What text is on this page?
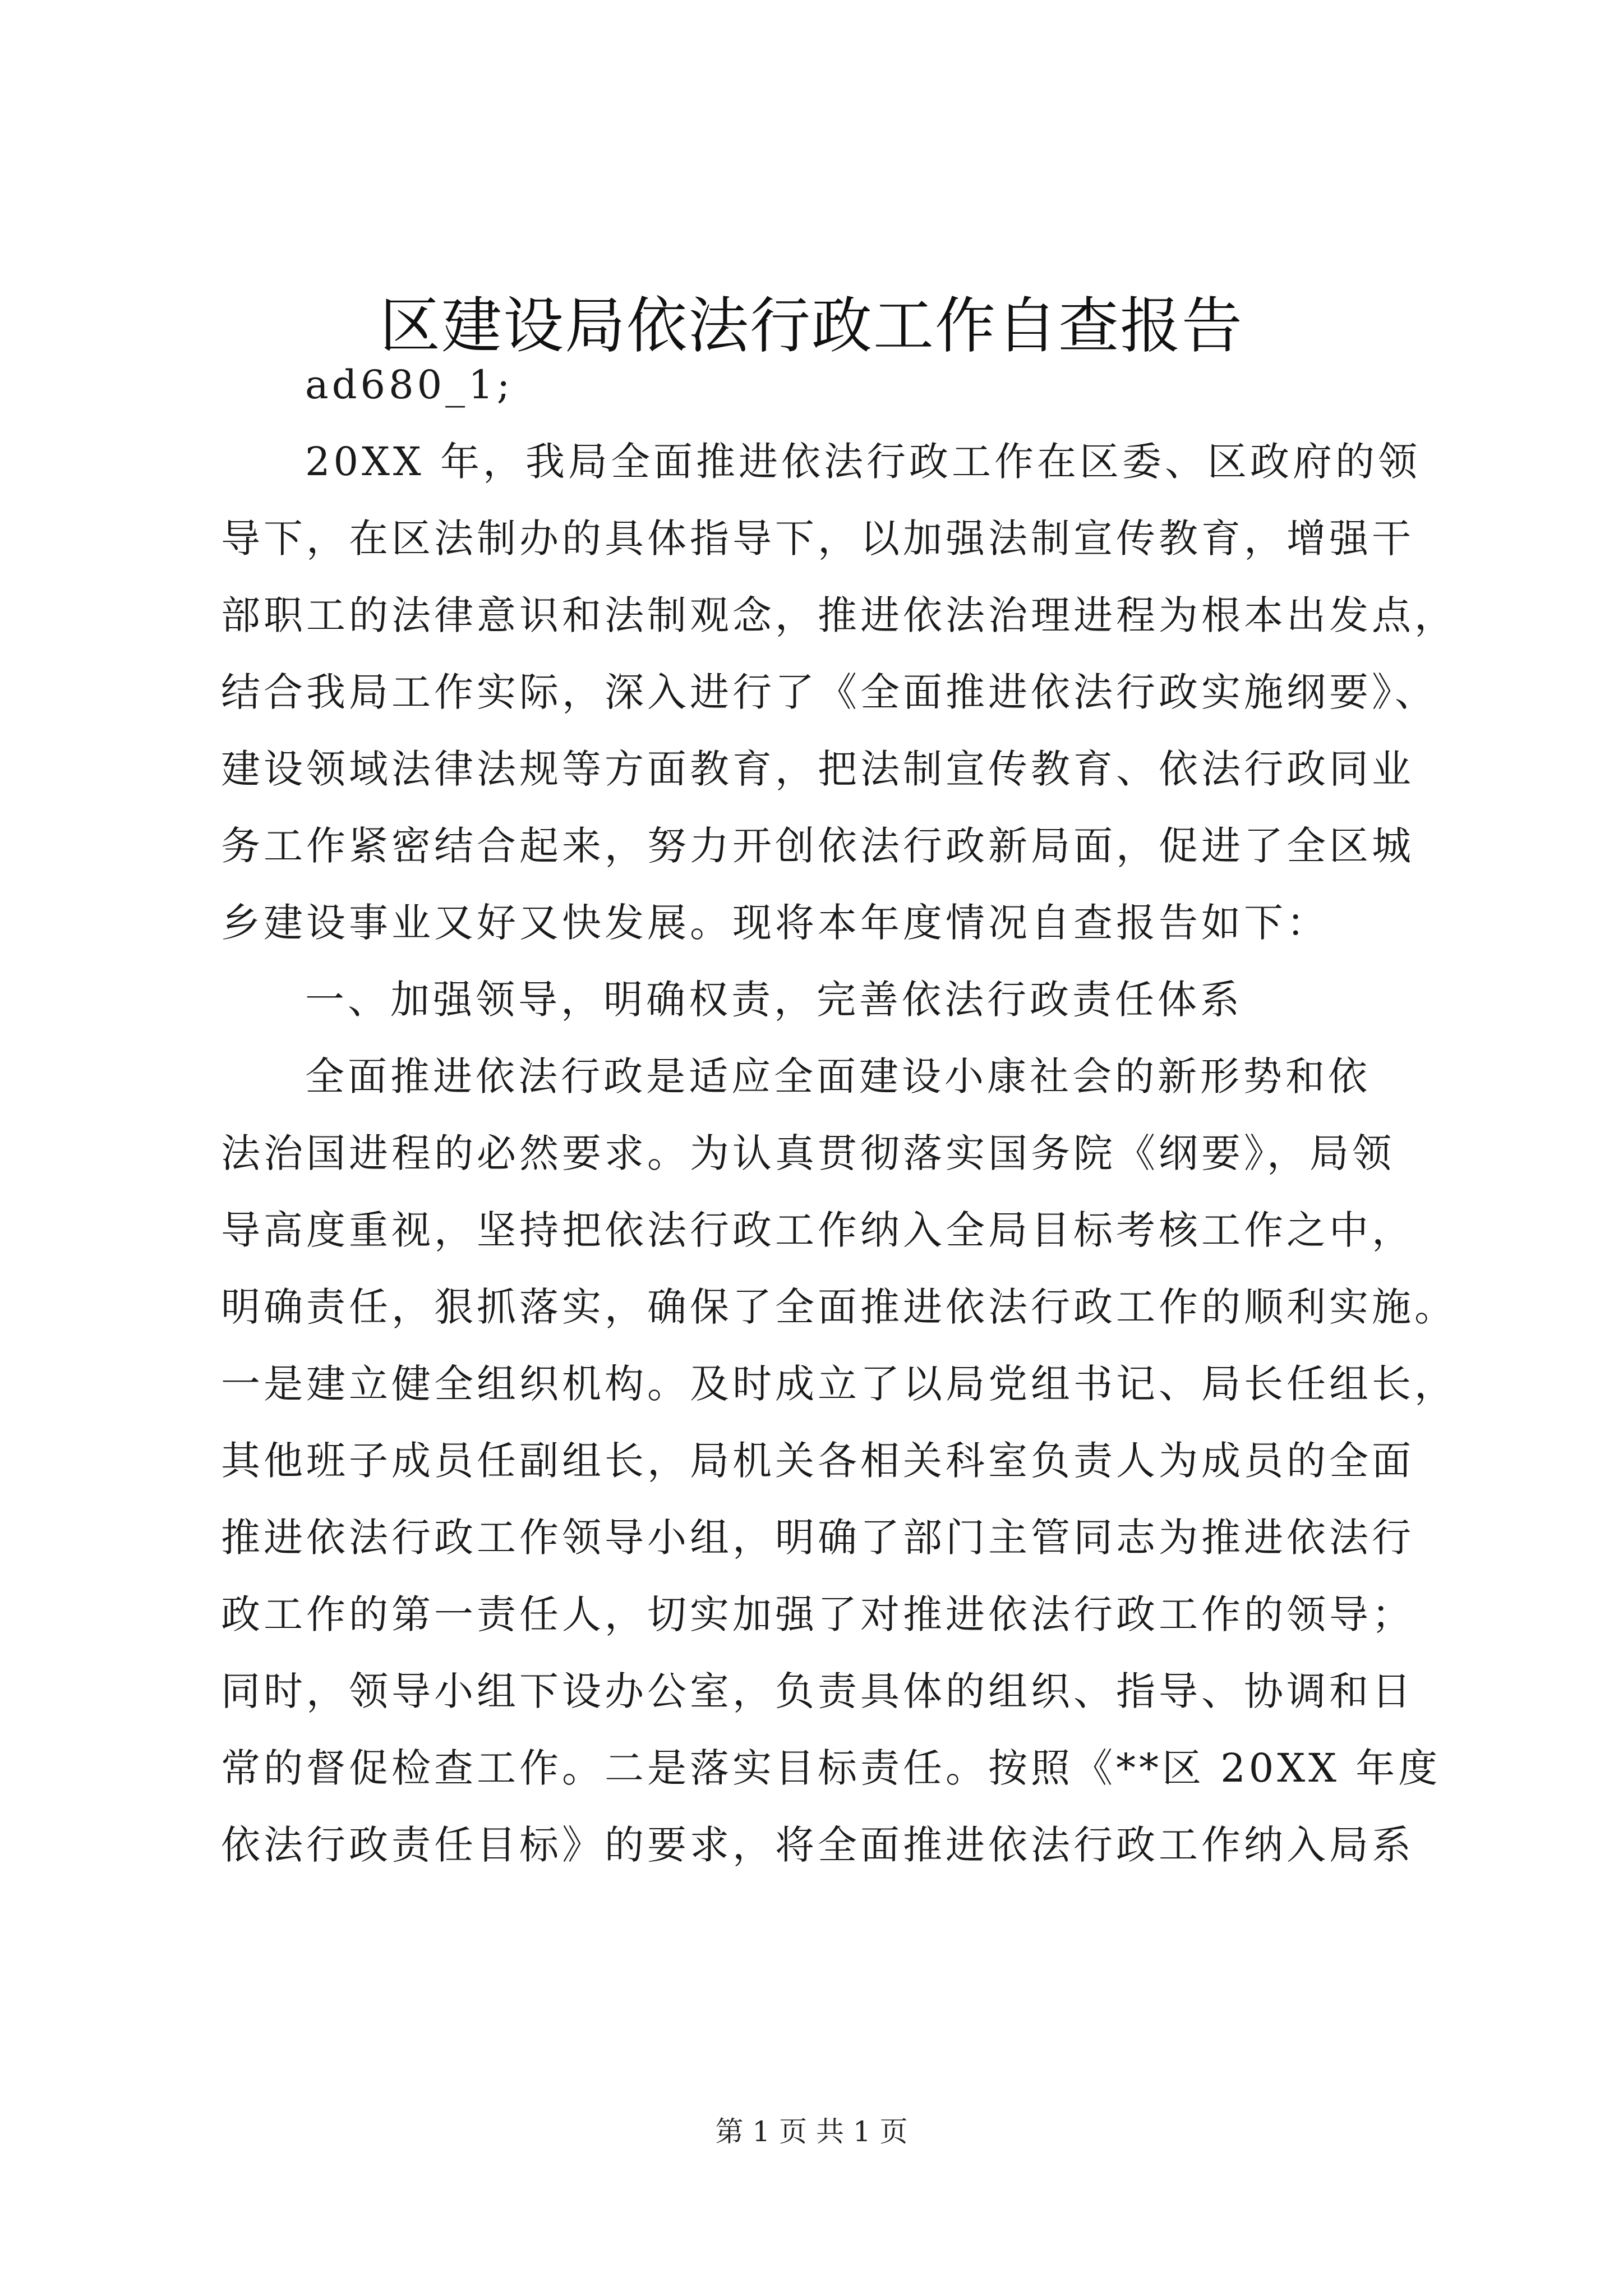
区建设局依法行政工作自查报告

ad680_1;

20XX 年，我局全面推进依法行政工作在区委、区政府的领
导下，在区法制办的具体指导下，以加强法制宣传教育，增强干
部职工的法律意识和法制观念，推进依法治理进程为根本出发点，
结合我局工作实际，深入进行了《全面推进依法行政实施纲要》、
建设领域法律法规等方面教育，把法制宣传教育、依法行政同业
务工作紧密结合起来，努力开创依法行政新局面，促进了全区城
乡建设事业又好又快发展。现将本年度情况自查报告如下：

一、加强领导，明确权责，完善依法行政责任体系

全面推进依法行政是适应全面建设小康社会的新形势和依
法治国进程的必然要求。为认真贯彻落实国务院《纲要》，局领
导高度重视，坚持把依法行政工作纳入全局目标考核工作之中，
明确责任，狠抓落实，确保了全面推进依法行政工作的顺利实施。
一是建立健全组织机构。及时成立了以局党组书记、局长任组长，
其他班子成员任副组长，局机关各相关科室负责人为成员的全面
推进依法行政工作领导小组，明确了部门主管同志为推进依法行
政工作的第一责任人，切实加强了对推进依法行政工作的领导；
同时，领导小组下设办公室，负责具体的组织、指导、协调和日
常的督促检查工作。二是落实目标责任。按照《**区 20XX 年度
依法行政责任目标》的要求，将全面推进依法行政工作纳入局系

第 1 页 共 1 页
